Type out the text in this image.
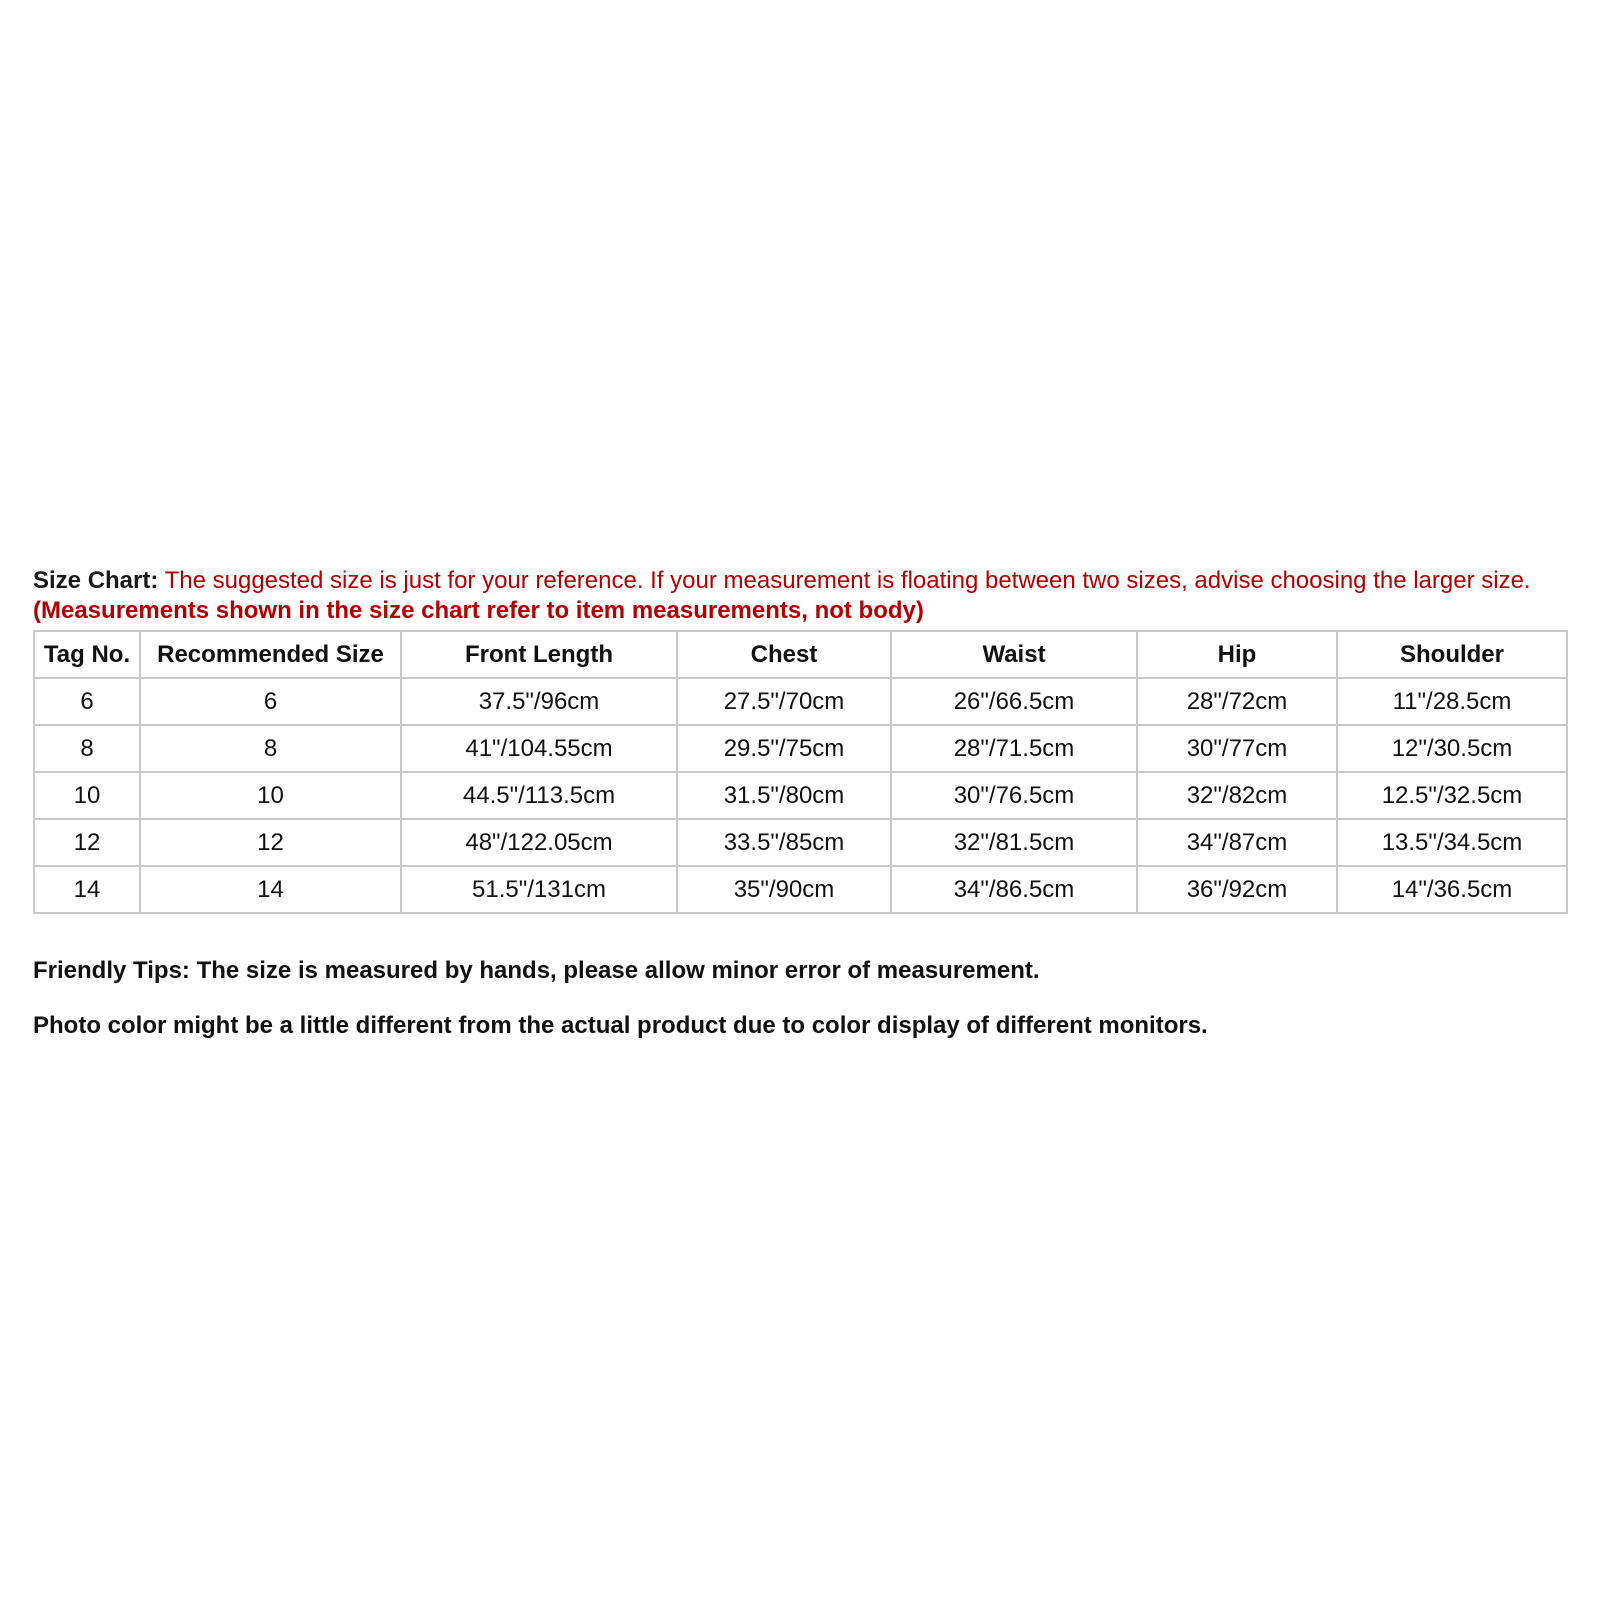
Size Chart: The suggested size is just for your reference. If your measurement is floating between two sizes, advise choosing the larger size. (Measurements shown in the size chart refer to item measurements, not body)

Tag No.	Recommended Size	Front Length	Chest	Waist	Hip	Shoulder
6	6	37.5"/96cm	27.5"/70cm	26"/66.5cm	28"/72cm	11"/28.5cm
8	8	41"/104.55cm	29.5"/75cm	28"/71.5cm	30"/77cm	12"/30.5cm
10	10	44.5"/113.5cm	31.5"/80cm	30"/76.5cm	32"/82cm	12.5"/32.5cm
12	12	48"/122.05cm	33.5"/85cm	32"/81.5cm	34"/87cm	13.5"/34.5cm
14	14	51.5"/131cm	35"/90cm	34"/86.5cm	36"/92cm	14"/36.5cm

Friendly Tips: The size is measured by hands, please allow minor error of measurement.

Photo color might be a little different from the actual product due to color display of different monitors.
